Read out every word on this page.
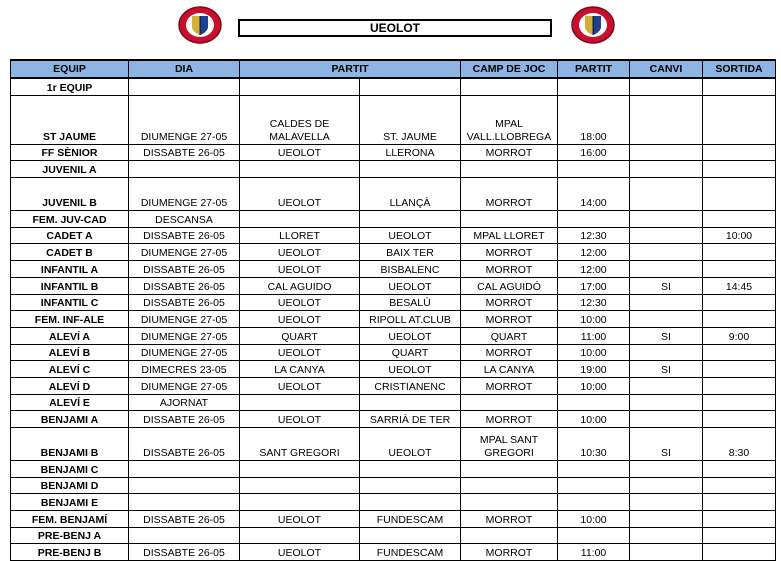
UEOLOT
EQUIP	DIA	PARTIT		CAMP DE JOC	PARTIT	CANVI	SORTIDA
1r EQUIP							
ST JAUME	DIUMENGE 27-05	CALDES DE MALAVELLA	ST. JAUME	MPAL VALL.LLOBREGA	18:00		
FF SÈNIOR	DISSABTE 26-05	UEOLOT	LLERONA	MORROT	16:00		
JUVENIL A							
JUVENIL B	DIUMENGE 27-05	UEOLOT	LLANÇÀ	MORROT	14:00		
FEM. JUV-CAD	DESCANSA						
CADET A	DISSABTE 26-05	LLORET	UEOLOT	MPAL LLORET	12:30		10:00
CADET B	DIUMENGE 27-05	UEOLOT	BAIX TER	MORROT	12:00		
INFANTIL A	DISSABTE 26-05	UEOLOT	BISBALENC	MORROT	12:00		
INFANTIL B	DISSABTE 26-05	CAL AGUIDO	UEOLOT	CAL AGUIDÓ	17:00	SI	14:45
INFANTIL C	DISSABTE 26-05	UEOLOT	BESALÚ	MORROT	12:30		
FEM. INF-ALE	DIUMENGE 27-05	UEOLOT	RIPOLL AT.CLUB	MORROT	10:00		
ALEVÍ A	DIUMENGE 27-05	QUART	UEOLOT	QUART	11:00	SI	9:00
ALEVÍ B	DIUMENGE 27-05	UEOLOT	QUART	MORROT	10:00		
ALEVÍ C	DIMECRES 23-05	LA CANYA	UEOLOT	LA CANYA	19:00	SI	
ALEVÍ D	DIUMENGE 27-05	UEOLOT	CRISTIANENC	MORROT	10:00		
ALEVÍ E	AJORNAT						
BENJAMI A	DISSABTE 26-05	UEOLOT	SARRIÀ DE TER	MORROT	10:00		
BENJAMI B	DISSABTE 26-05	SANT GREGORI	UEOLOT	MPAL SANT GREGORI	10:30	SI	8:30
BENJAMI C							
BENJAMI D							
BENJAMI E							
FEM. BENJAMÍ	DISSABTE 26-05	UEOLOT	FUNDESCAM	MORROT	10:00		
PRE-BENJ A							
PRE-BENJ B	DISSABTE 26-05	UEOLOT	FUNDESCAM	MORROT	11:00		
